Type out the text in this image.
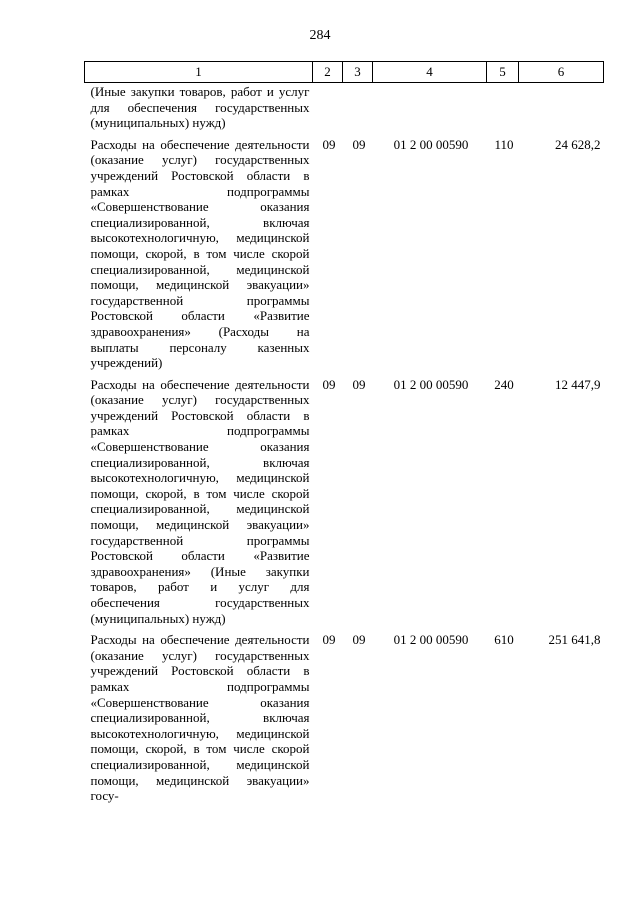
284
1	2	3	4	5	6
(Иные закупки товаров, работ и услуг для обеспечения государственных (муниципальных) нужд)					
Расходы на обеспечение деятельности (оказание услуг) государственных учреждений Ростовской области в рамках подпрограммы «Совершенствование оказания специализированной, включая высокотехнологичную, медицинской помощи, скорой, в том числе скорой специализированной, медицинской помощи, медицинской эвакуации» государственной программы Ростовской области «Развитие здравоохранения» (Расходы на выплаты персоналу казенных учреждений)	09	09	01 2 00 00590	110	24 628,2
Расходы на обеспечение деятельности (оказание услуг) государственных учреждений Ростовской области в рамках подпрограммы «Совершенствование оказания специализированной, включая высокотехнологичную, медицинской помощи, скорой, в том числе скорой специализированной, медицинской помощи, медицинской эвакуации» государственной программы Ростовской области «Развитие здравоохранения» (Иные закупки товаров, работ и услуг для обеспечения государственных (муниципальных) нужд)	09	09	01 2 00 00590	240	12 447,9
Расходы на обеспечение деятельности (оказание услуг) государственных учреждений Ростовской области в рамках подпрограммы «Совершенствование оказания специализированной, включая высокотехнологичную, медицинской помощи, скорой, в том числе скорой специализированной, медицинской помощи, медицинской эвакуации» госу-	09	09	01 2 00 00590	610	251 641,8
